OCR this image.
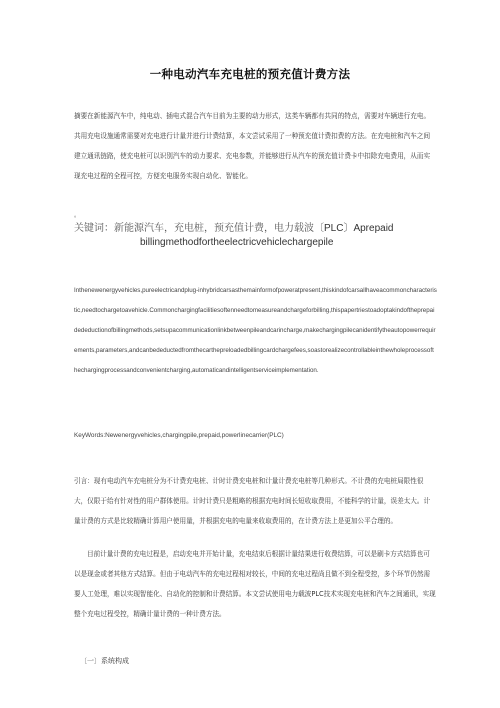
一种电动汽车充电桩的预充值计费方法

摘要在新能源汽车中，纯电动、插电式混合汽车目前为主要的动力形式，这类车辆都有共同的特点，需要对车辆进行充电。共用充电设施通常需要对充电进行计量并进行计费结算，本文尝试采用了一种预充值计费扣费的方法。在充电桩和汽车之间建立通讯链路，使充电桩可以识别汽车的动力要求、充电参数，并能够进行从汽车的预充值计费卡中扣除充电费用，从而实现充电过程的全程可控，方便充电服务实现自动化、智能化。

。
关键词：新能源汽车，充电桩，预充值计费，电力载波〔PLC〕Aprepaid
billingmethodfortheelectricvehiclechargepile

Inthenewenergyvehicles,pureelectricandplug-inhybridcarsasthemainformofpoweratpresent,thiskindofcarsallhaveacommoncharacteristic,needtochargetoavehicle.Commonchargingfacilitiesoftenneedtomeasureandchargeforbilling,thispapertriestoadoptakindoftheprepaidedeductionofbillingmethods,setsupacommunicationlinkbetweenpileandcarincharge,makechargingpilecanidentifytheautopowerrequirements,parameters,andcanbedeductedfromthecarthepreloadedbillingcardchargefees,soastorealizecontrollableinthewholeprocessofthechargingprocessandconvenientcharging,automaticandintelligentserviceimplementation.

KeyWords:Newenergyvehicles,chargingpile,prepaid,powerlinecarrier(PLC)

引言：现有电动汽车充电桩分为不计费充电桩、计时计费充电桩和计量计费充电桩等几种形式。不计费的充电桩局限性很大，仅限于给有针对性的用户群体使用。计时计费只是粗略的根据充电时间长短收取费用，不能科学的计量，误差太大。计量计费的方式是比较精确计算用户使用量，并根据充电的电量来收取费用的，在计费方法上是更加公平合理的。

目前计量计费的充电过程是，启动充电并开始计量，充电结束后根据计量结果进行收费结算，可以是刷卡方式结算也可以是现金或者其他方式结算。但由于电动汽车的充电过程相对较长，中间的充电过程尚且做不到全程受控，多个环节仍然需要人工处理，难以实现智能化、自动化的控制和计费结算。本文尝试使用电力载波PLC技术实现充电桩和汽车之间通讯，实现整个充电过程受控，精确计量计费的一种计费方法。

〔一〕系统构成
